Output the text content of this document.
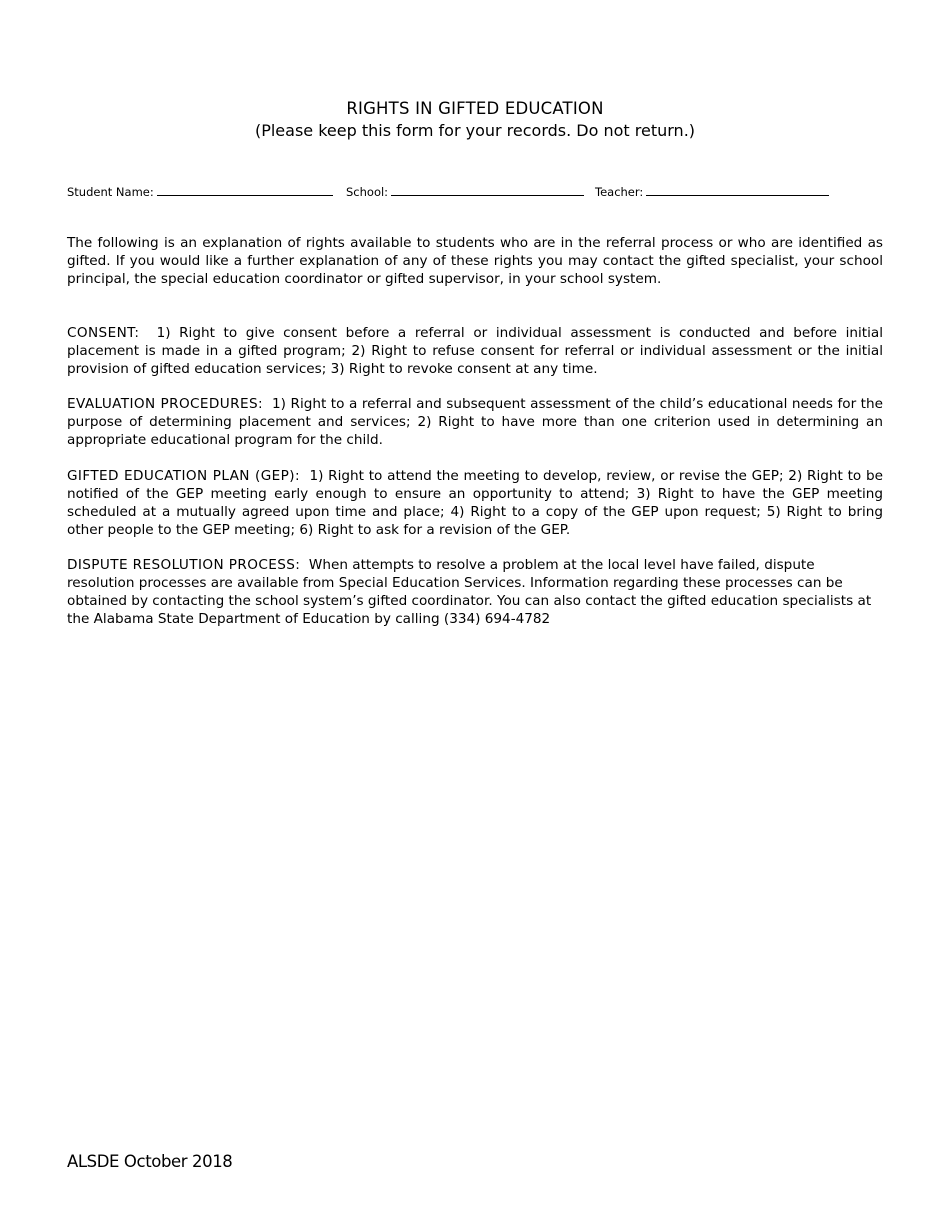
RIGHTS IN GIFTED EDUCATION
(Please keep this form for your records. Do not return.)
Student Name:	School:	Teacher:

The following is an explanation of rights available to students who are in the referral process or who are identified as gifted. If you would like a further explanation of any of these rights you may contact the gifted specialist, your school principal, the special education coordinator or gifted supervisor, in your school system.

CONSENT: 1) Right to give consent before a referral or individual assessment is conducted and before initial placement is made in a gifted program; 2) Right to refuse consent for referral or individual assessment or the initial provision of gifted education services; 3) Right to revoke consent at any time.

EVALUATION PROCEDURES: 1) Right to a referral and subsequent assessment of the child’s educational needs for the purpose of determining placement and services; 2) Right to have more than one criterion used in determining an appropriate educational program for the child.

GIFTED EDUCATION PLAN (GEP): 1) Right to attend the meeting to develop, review, or revise the GEP; 2) Right to be notified of the GEP meeting early enough to ensure an opportunity to attend; 3) Right to have the GEP meeting scheduled at a mutually agreed upon time and place; 4) Right to a copy of the GEP upon request; 5) Right to bring other people to the GEP meeting; 6) Right to ask for a revision of the GEP.

DISPUTE RESOLUTION PROCESS: When attempts to resolve a problem at the local level have failed, dispute resolution processes are available from Special Education Services. Information regarding these processes can be obtained by contacting the school system’s gifted coordinator. You can also contact the gifted education specialists at the Alabama State Department of Education by calling (334) 694-4782

ALSDE October 2018
